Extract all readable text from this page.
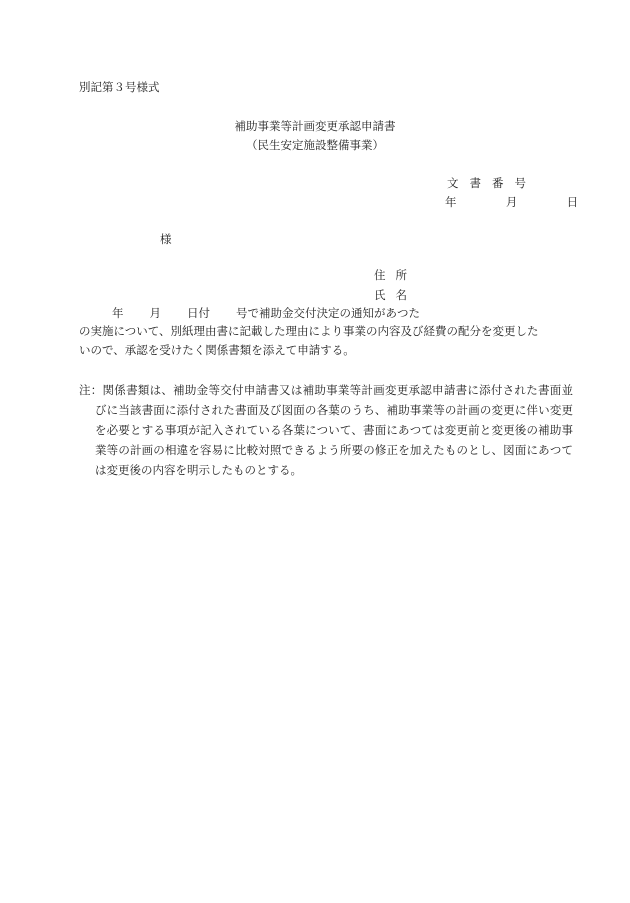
別記第３号様式
補助事業等計画変更承認申請書
（民生安定施設整備事業）
文書番号
年	月	日
様
住所
氏名
年 月 日付 号で補助金交付決定の通知があつた
の実施について、別紙理由書に記載した理由により事業の内容及び経費の配分を変更した
いので、承認を受けたく関係書類を添えて申請する。
注：関係書類は、補助金等交付申請書又は補助事業等計画変更承認申請書に添付された書面並びに当該書面に添付された書面及び図面の各葉のうち、補助事業等の計画の変更に伴い変更を必要とする事項が記入されている各葉について、書面にあつては変更前と変更後の補助事業等の計画の相違を容易に比較対照できるよう所要の修正を加えたものとし、図面にあつては変更後の内容を明示したものとする。
